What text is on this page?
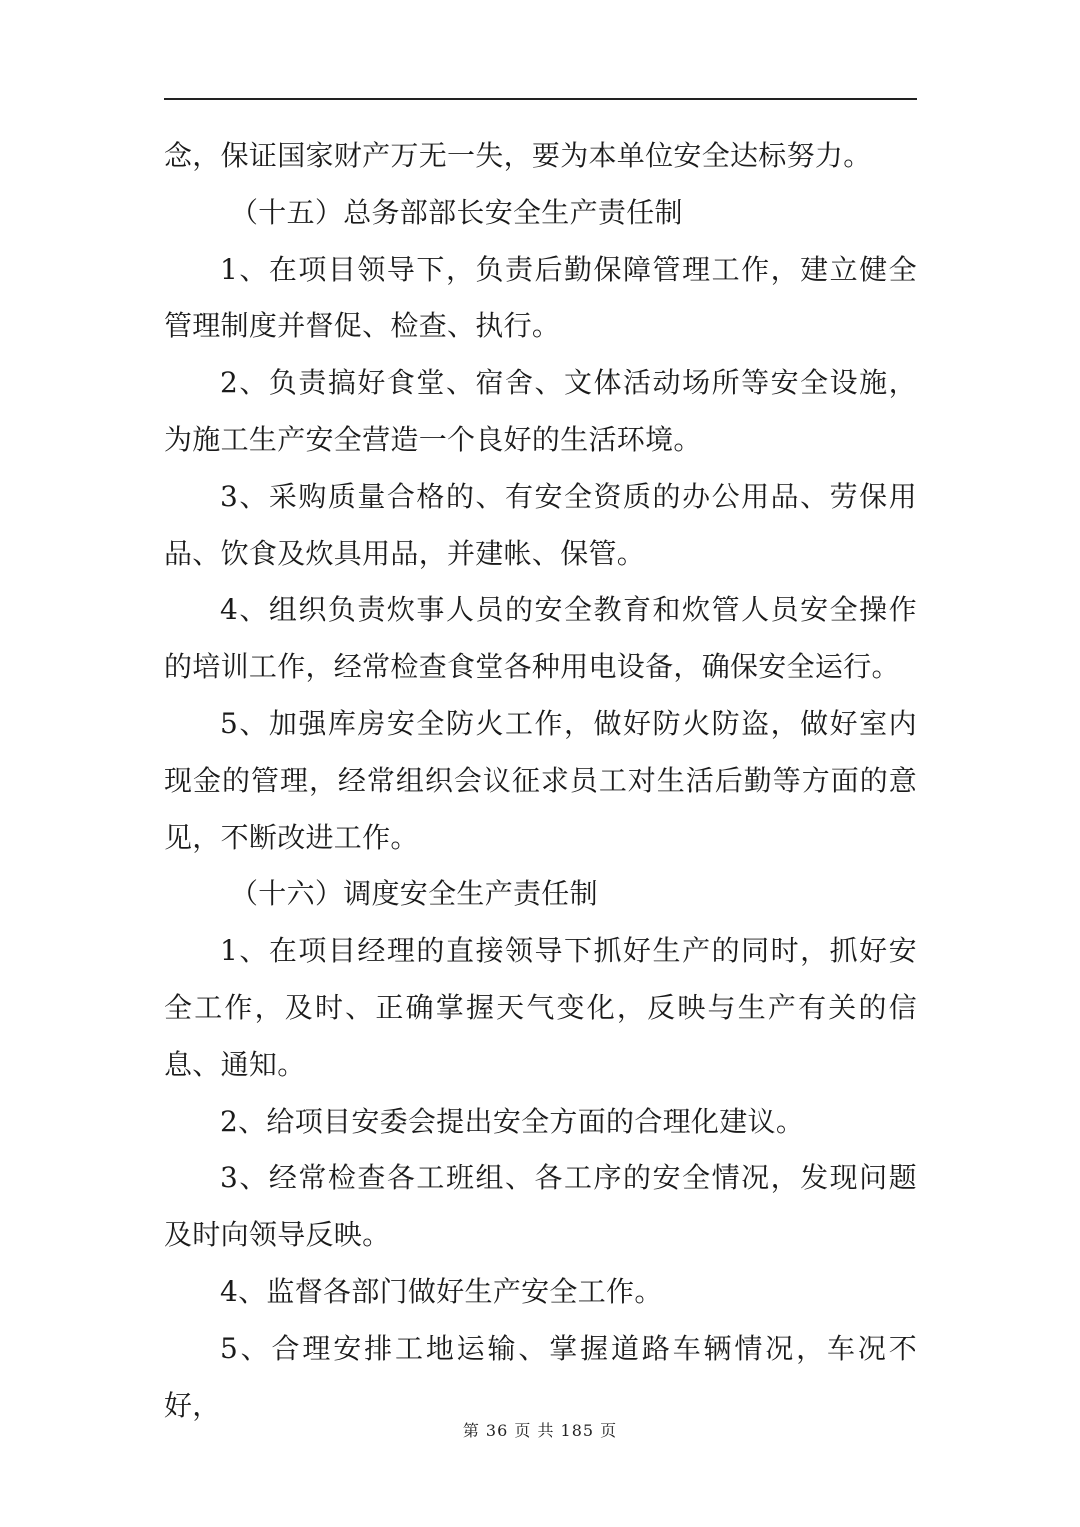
念，保证国家财产万无一失，要为本单位安全达标努力。

（十五）总务部部长安全生产责任制

1、在项目领导下，负责后勤保障管理工作，建立健全管理制度并督促、检查、执行。

2、负责搞好食堂、宿舍、文体活动场所等安全设施，为施工生产安全营造一个良好的生活环境。

3、采购质量合格的、有安全资质的办公用品、劳保用品、饮食及炊具用品，并建帐、保管。

4、组织负责炊事人员的安全教育和炊管人员安全操作的培训工作，经常检查食堂各种用电设备，确保安全运行。

5、加强库房安全防火工作，做好防火防盗，做好室内现金的管理，经常组织会议征求员工对生活后勤等方面的意见，不断改进工作。

（十六）调度安全生产责任制

1、在项目经理的直接领导下抓好生产的同时，抓好安全工作，及时、正确掌握天气变化，反映与生产有关的信息、通知。

2、给项目安委会提出安全方面的合理化建议。

3、经常检查各工班组、各工序的安全情况，发现问题及时向领导反映。

4、监督各部门做好生产安全工作。

5、合理安排工地运输、掌握道路车辆情况，车况不好，

第 36 页 共 185 页
